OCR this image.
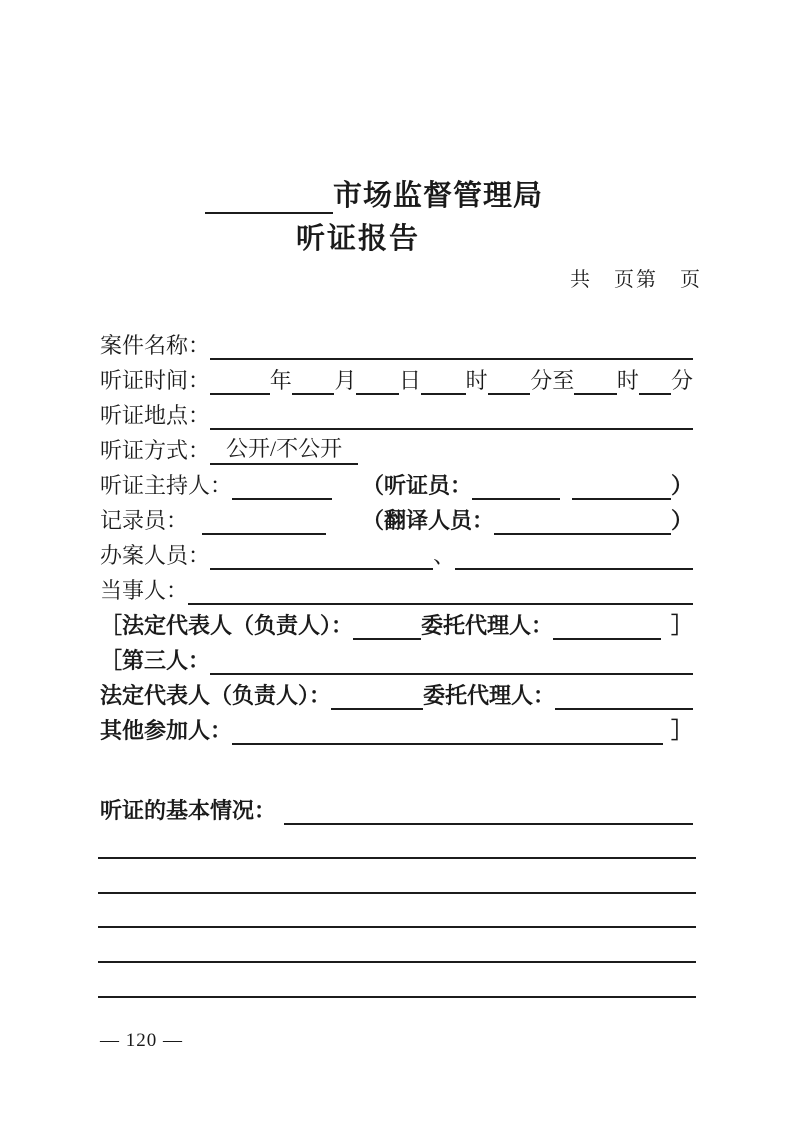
市场监督管理局
听证报告
共　页第　页
案件名称：
听证时间：	年 月 日 时 分至 时 分
听证地点：
听证方式： 公开/不公开
听证主持人：	（听证员：	）
记录员：	（翻译人员：	）
办案人员：	、
当事人：
［ 法定代表人（负责人）：	委托代理人：	］
［ 第三人：
法定代表人（负责人）：	委托代理人：
其他参加人：	］
听证的基本情况：
— 120 —
